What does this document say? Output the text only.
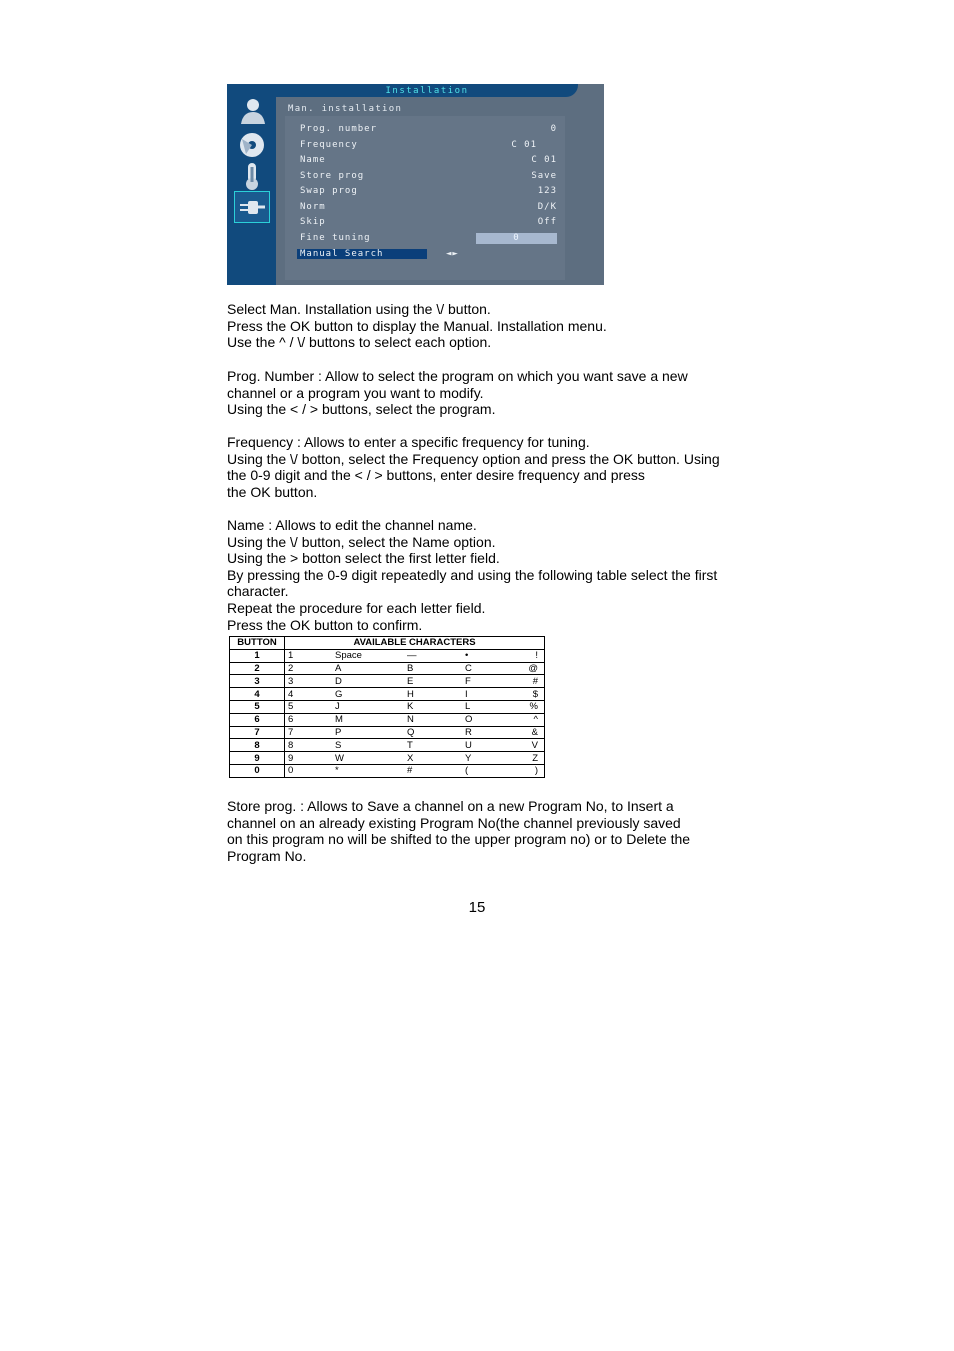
Installation
Man. installation
Prog. number	0
Frequency	C 01
Name	C 01
Store prog	Save
Swap prog	123
Norm	D/K
Skip	Off
Fine tuning	0
Manual Search	◄►

Select Man. Installation using the \/ button.

Press the OK button to display the Manual. Installation menu.

Use the ^ / \/ buttons to select each option.

Prog. Number : Allow to select the program on which you want save a new

channel or a program you want to modify.

Using the < / > buttons, select the program.

Frequency : Allows to enter a specific frequency for tuning.

Using the \/ botton, select the Frequency option and press the OK button. Using

the 0-9 digit and the < / > buttons, enter desire frequency and press

the OK button.

Name : Allows to edit the channel name.

Using the \/ button, select the Name option.

Using the > botton select the first letter field.

By pressing the 0-9 digit repeatedly and using the following table select the first

character.

Repeat the procedure for each letter field.

Press the OK button to confirm.

BUTTON	AVAILABLE CHARACTERS
1	1 Space — • !

2	2 A B C @

3	3 D E F #

4	4 G H I $

5	5 J K L %

6	6 M N O ^

7	7 P Q R &

8	8 S T U V

9	9 W X Y Z

0	0 * # ( )

Store prog. : Allows to Save a channel on a new Program No, to Insert a

channel on an already existing Program No(the channel previously saved

on this program no will be shifted to the upper program no) or to Delete the

Program No.

15
